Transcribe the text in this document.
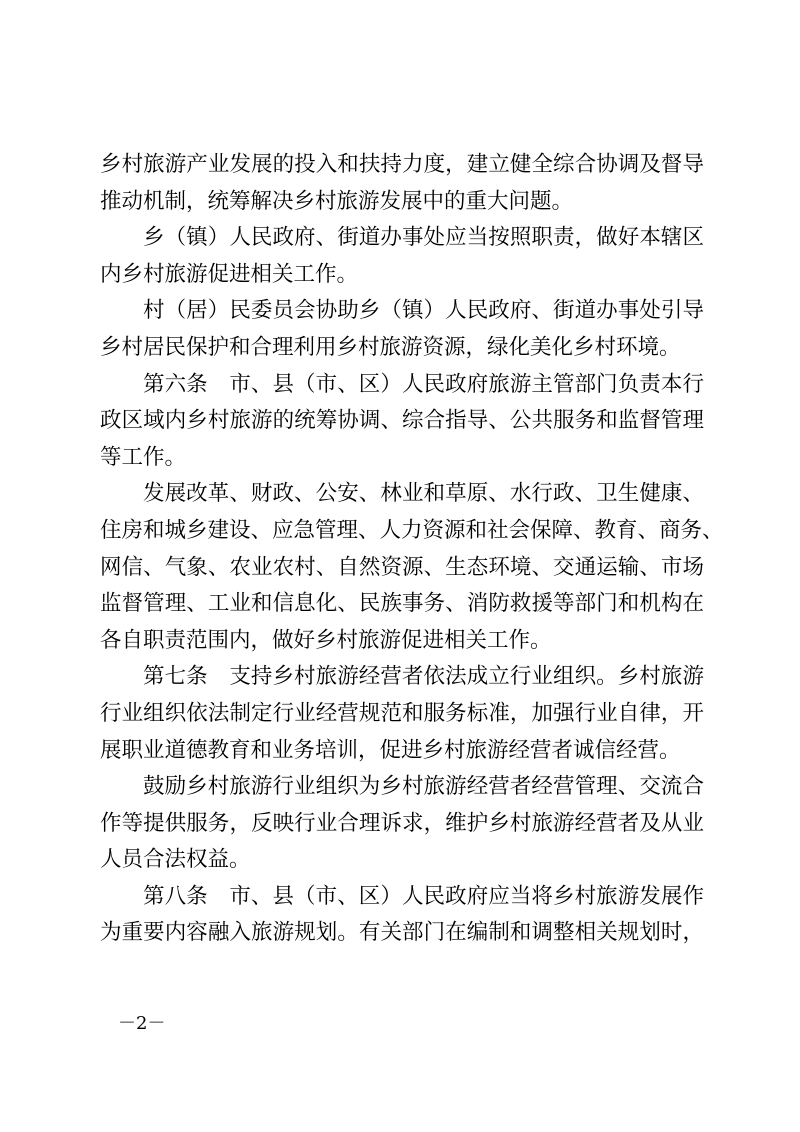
乡村旅游产业发展的投入和扶持力度，建立健全综合协调及督导
推动机制，统筹解决乡村旅游发展中的重大问题。
乡（镇）人民政府、街道办事处应当按照职责，做好本辖区
内乡村旅游促进相关工作。
村（居）民委员会协助乡（镇）人民政府、街道办事处引导
乡村居民保护和合理利用乡村旅游资源，绿化美化乡村环境。
第六条　市、县（市、区）人民政府旅游主管部门负责本行
政区域内乡村旅游的统筹协调、综合指导、公共服务和监督管理
等工作。
发展改革、财政、公安、林业和草原、水行政、卫生健康、
住房和城乡建设、应急管理、人力资源和社会保障、教育、商务、
网信、气象、农业农村、自然资源、生态环境、交通运输、市场
监督管理、工业和信息化、民族事务、消防救援等部门和机构在
各自职责范围内，做好乡村旅游促进相关工作。
第七条　支持乡村旅游经营者依法成立行业组织。乡村旅游
行业组织依法制定行业经营规范和服务标准，加强行业自律，开
展职业道德教育和业务培训，促进乡村旅游经营者诚信经营。
鼓励乡村旅游行业组织为乡村旅游经营者经营管理、交流合
作等提供服务，反映行业合理诉求，维护乡村旅游经营者及从业
人员合法权益。
第八条　市、县（市、区）人民政府应当将乡村旅游发展作
为重要内容融入旅游规划。有关部门在编制和调整相关规划时，
－2－
